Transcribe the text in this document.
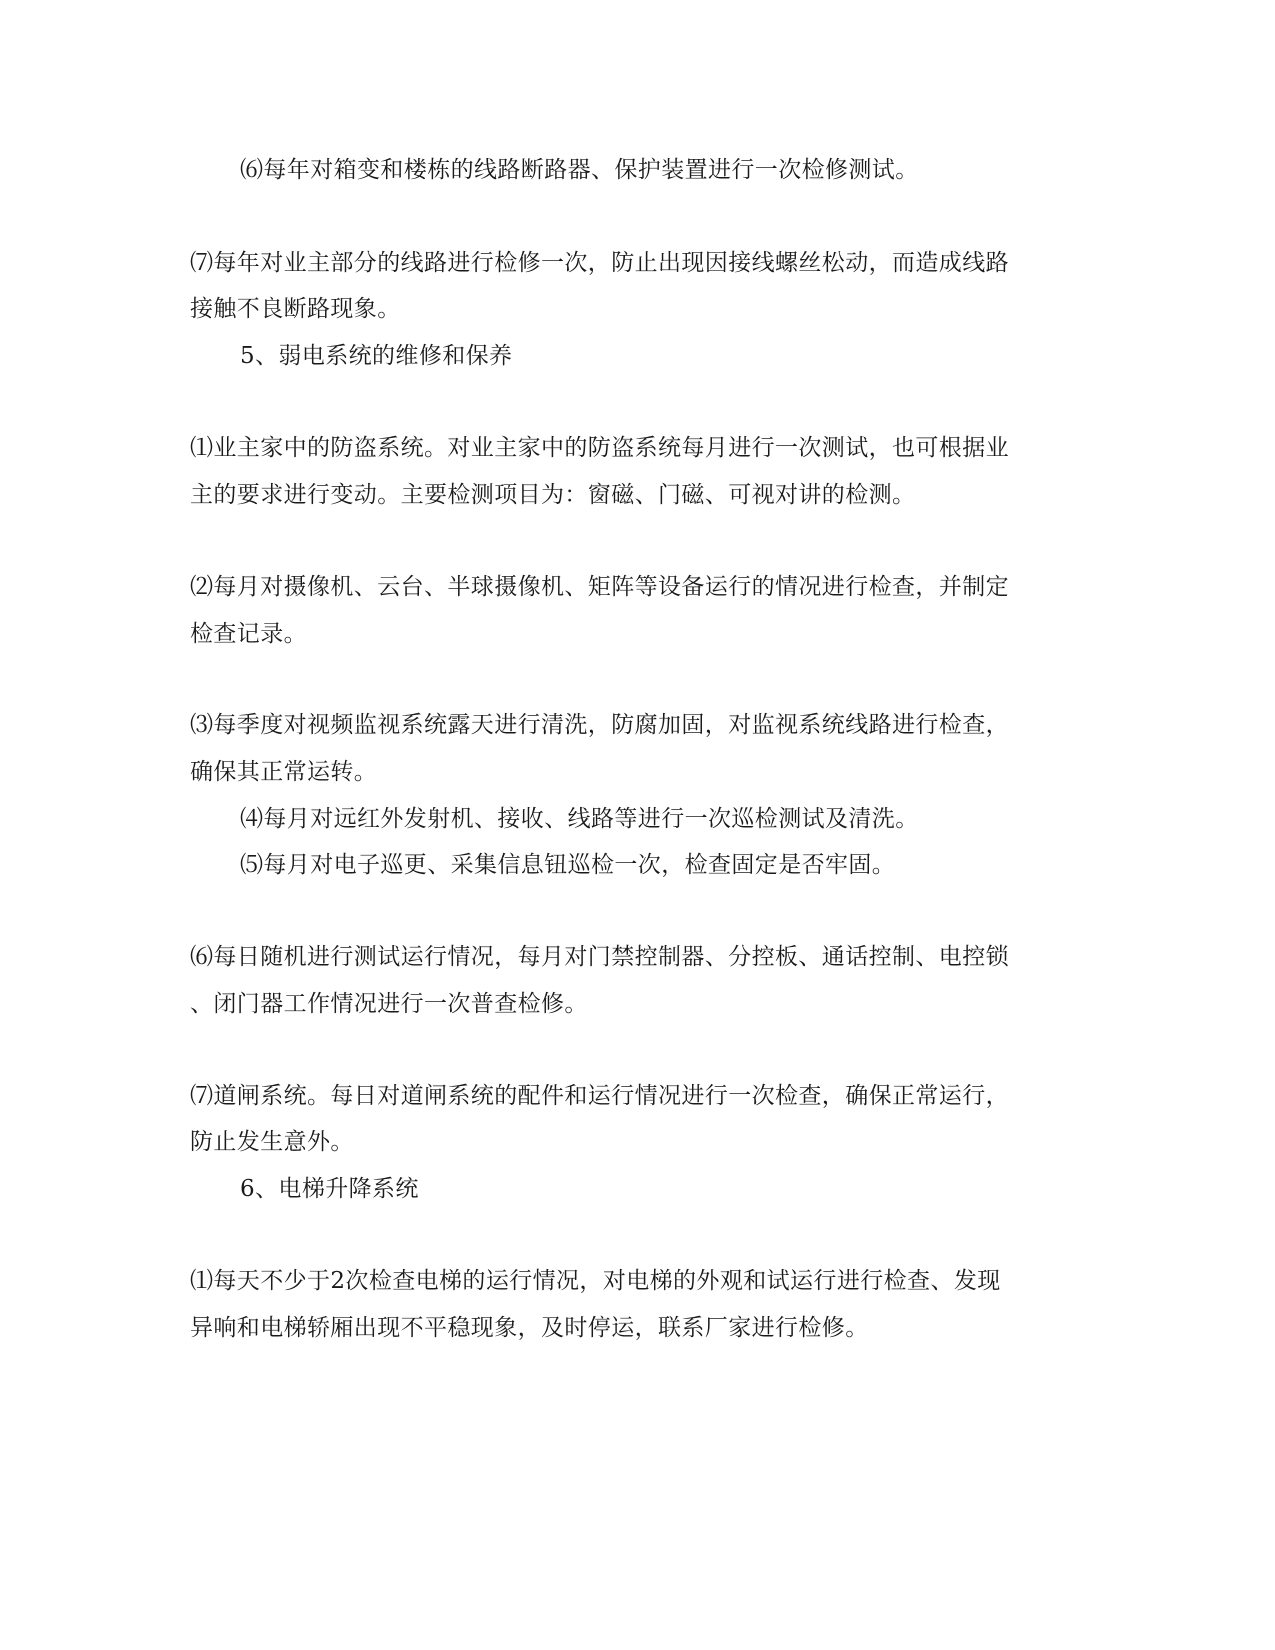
⑹每年对箱变和楼栋的线路断路器、保护装置进行一次检修测试。
⑺每年对业主部分的线路进行检修一次，防止出现因接线螺丝松动，而造成线路
接触不良断路现象。
5、弱电系统的维修和保养
⑴业主家中的防盗系统。对业主家中的防盗系统每月进行一次测试，也可根据业
主的要求进行变动。主要检测项目为：窗磁、门磁、可视对讲的检测。
⑵每月对摄像机、云台、半球摄像机、矩阵等设备运行的情况进行检查，并制定
检查记录。
⑶每季度对视频监视系统露天进行清洗，防腐加固，对监视系统线路进行检查，
确保其正常运转。
⑷每月对远红外发射机、接收、线路等进行一次巡检测试及清洗。
⑸每月对电子巡更、采集信息钮巡检一次，检查固定是否牢固。
⑹每日随机进行测试运行情况，每月对门禁控制器、分控板、通话控制、电控锁
、闭门器工作情况进行一次普查检修。
⑺道闸系统。每日对道闸系统的配件和运行情况进行一次检查，确保正常运行，
防止发生意外。
6、电梯升降系统
⑴每天不少于2次检查电梯的运行情况，对电梯的外观和试运行进行检查、发现
异响和电梯轿厢出现不平稳现象，及时停运，联系厂家进行检修。
